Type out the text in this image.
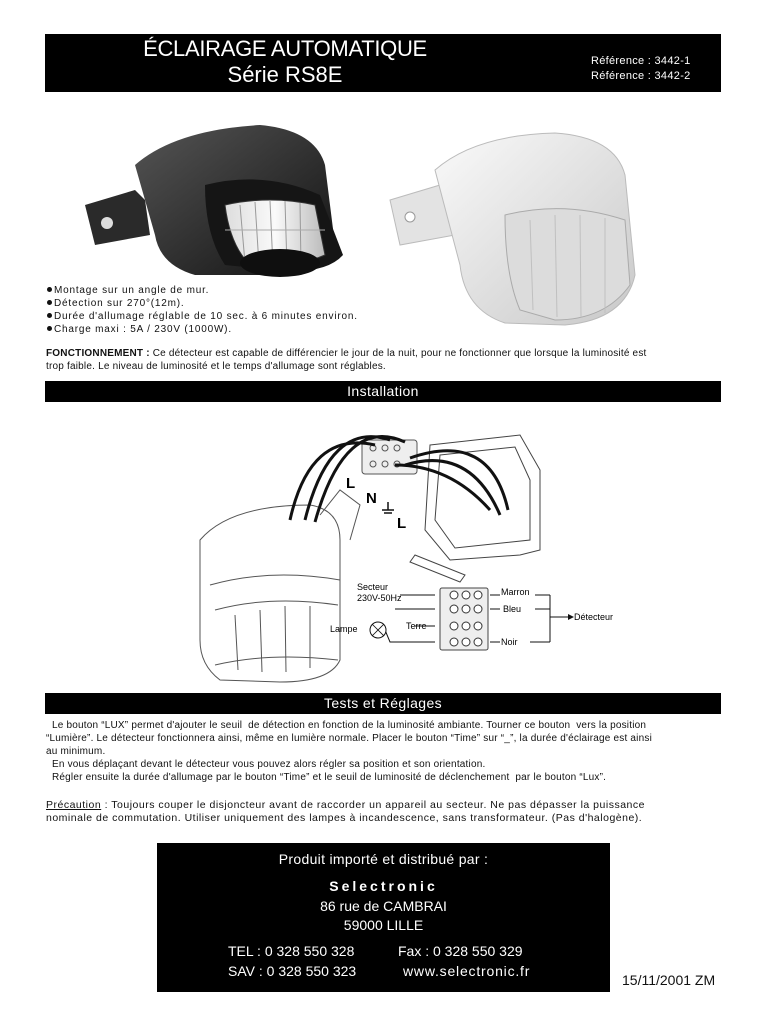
ÉCLAIRAGE AUTOMATIQUE
Série RS8E
Référence : 3442-1
Référence : 3442-2
Montage sur un angle de mur.
Détection sur 270°(12m).
Durée d'allumage réglable de 10 sec. à 6 minutes environ.
Charge maxi : 5A / 230V (1000W).
FONCTIONNEMENT : Ce détecteur est capable de différencier le jour de la nuit, pour ne fonctionner que lorsque la luminosité est
trop faible. Le niveau de luminosité et le temps d'allumage sont réglables.
Installation
L
N
L
Secteur
230V-50Hz
Lampe	Terre
Marron
Bleu
Noir
Détecteur
Tests et Réglages
Le bouton “LUX” permet d'ajouter le seuil  de détection en fonction de la luminosité ambiante. Tourner ce bouton  vers la position
“Lumière”. Le détecteur fonctionnera ainsi, même en lumière normale. Placer le bouton “Time” sur “_”, la durée d'éclairage est ainsi
au minimum.
En vous déplaçant devant le détecteur vous pouvez alors régler sa position et son orientation.
Régler ensuite la durée d'allumage par le bouton “Time” et le seuil de luminosité de déclenchement  par le bouton “Lux”.
Précaution : Toujours couper le disjoncteur avant de raccorder un appareil au secteur. Ne pas dépasser la puissance
nominale de commutation. Utiliser uniquement des lampes à incandescence, sans transformateur. (Pas d'halogène).
Produit importé et distribué par :
Selectronic
86 rue de CAMBRAI
59000 LILLE
TEL : 0 328 550 328	Fax : 0 328 550 329
SAV : 0 328 550 323	www.selectronic.fr
15/11/2001 ZM
